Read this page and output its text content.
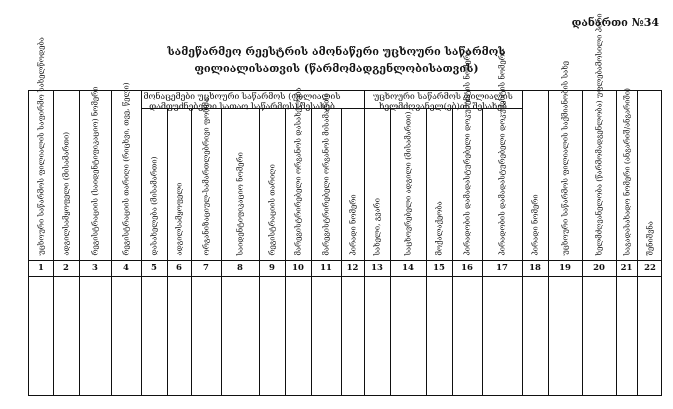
დანართი №34
სამეწარმეო რეესტრის ამონაწერი უცხოური საწარმოს
ფილიალისათვის (წარმომადგენლობისათვის)
მონაცემები უცხოური საწარმოს (ფილიალის
დამფუძნებელი სათაო საწარმოს) შესახებ
უცხოური საწარმოს ფილიალის
ხელმძღვანელ(ებ)ის შესახებ
უცხოური საწარმოს ფილიალის საფირმო სახელწოდება
1
ადგილსამყოფელი (მისამართი)
2
რეგისტრაციის (საიდენტიფიკაციო) ნომერი
3
რეგისტრაციის თარიღი (რიცხვი, თვე, წელი)
4
დასახელება (მისამართი)
5
ადგილსამყოფელი
6
ორგანიზაციულ-სამართლებრივი ფორმა
7
საიდენტიფიკაციო ნომერი
8
რეგისტრაციის თარიღი
9
მარეგისტრირებელი ორგანოს დასახელება
10
მარეგისტრირებელი ორგანოს მისამართი
11
პირადი ნომერი
12
სახელი, გვარი
13
საცხოვრებელი ადგილი (მისამართი)
14
მოქალაქეობა
15
პირადობის დამადასტურებელი დოკუმენტის ნომერი
16
პირადობის დამადასტურებელი დოკუმენტის ნომერი
17
პირადი ნომერი
18
უცხოური საწარმოს ფილიალის საქმიანობის სახე
19
ხელმძღვანელობა (წარმომადგენლობა) უფლებამოსილი პირი
20
საგადასახადო ნომერი (ანგარიშ/ანგარიში)
21
შენიშვნა
22
